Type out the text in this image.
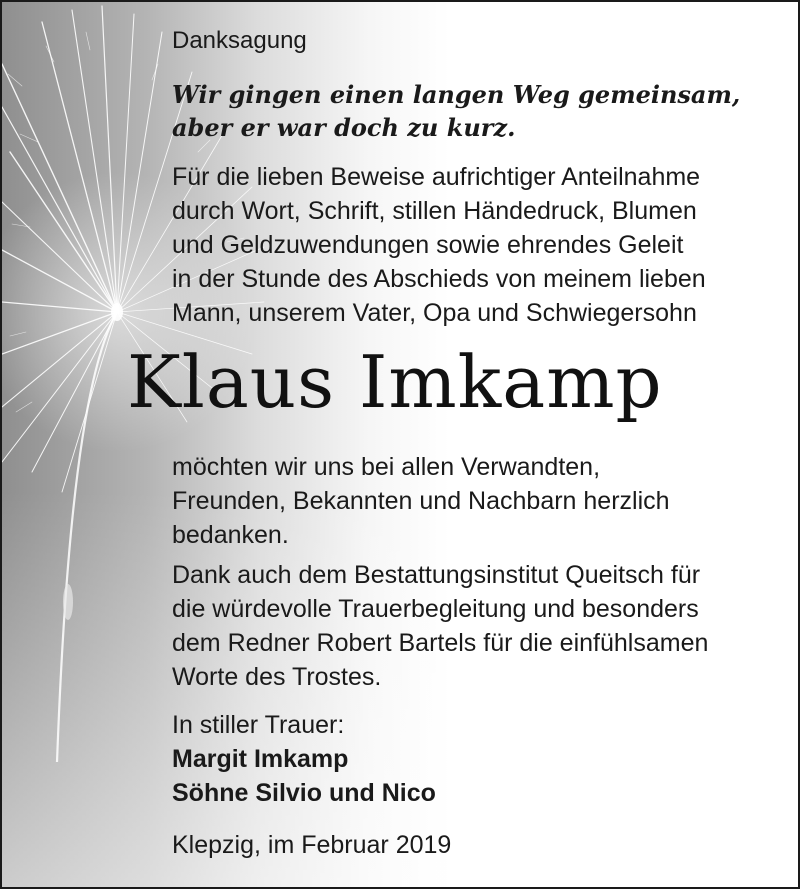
Danksagung

Wir gingen einen langen Weg gemeinsam,
aber er war doch zu kurz.

Für die lieben Beweise aufrichtiger Anteilnahme
durch Wort, Schrift, stillen Händedruck, Blumen
und Geldzuwendungen sowie ehrendes Geleit
in der Stunde des Abschieds von meinem lieben
Mann, unserem Vater, Opa und Schwiegersohn

Klaus Imkamp

möchten wir uns bei allen Verwandten,
Freunden, Bekannten und Nachbarn herzlich
bedanken.

Dank auch dem Bestattungsinstitut Queitsch für
die würdevolle Trauerbegleitung und besonders
dem Redner Robert Bartels für die einfühlsamen
Worte des Trostes.

In stiller Trauer:

Margit Imkamp
Söhne Silvio und Nico

Klepzig, im Februar 2019
